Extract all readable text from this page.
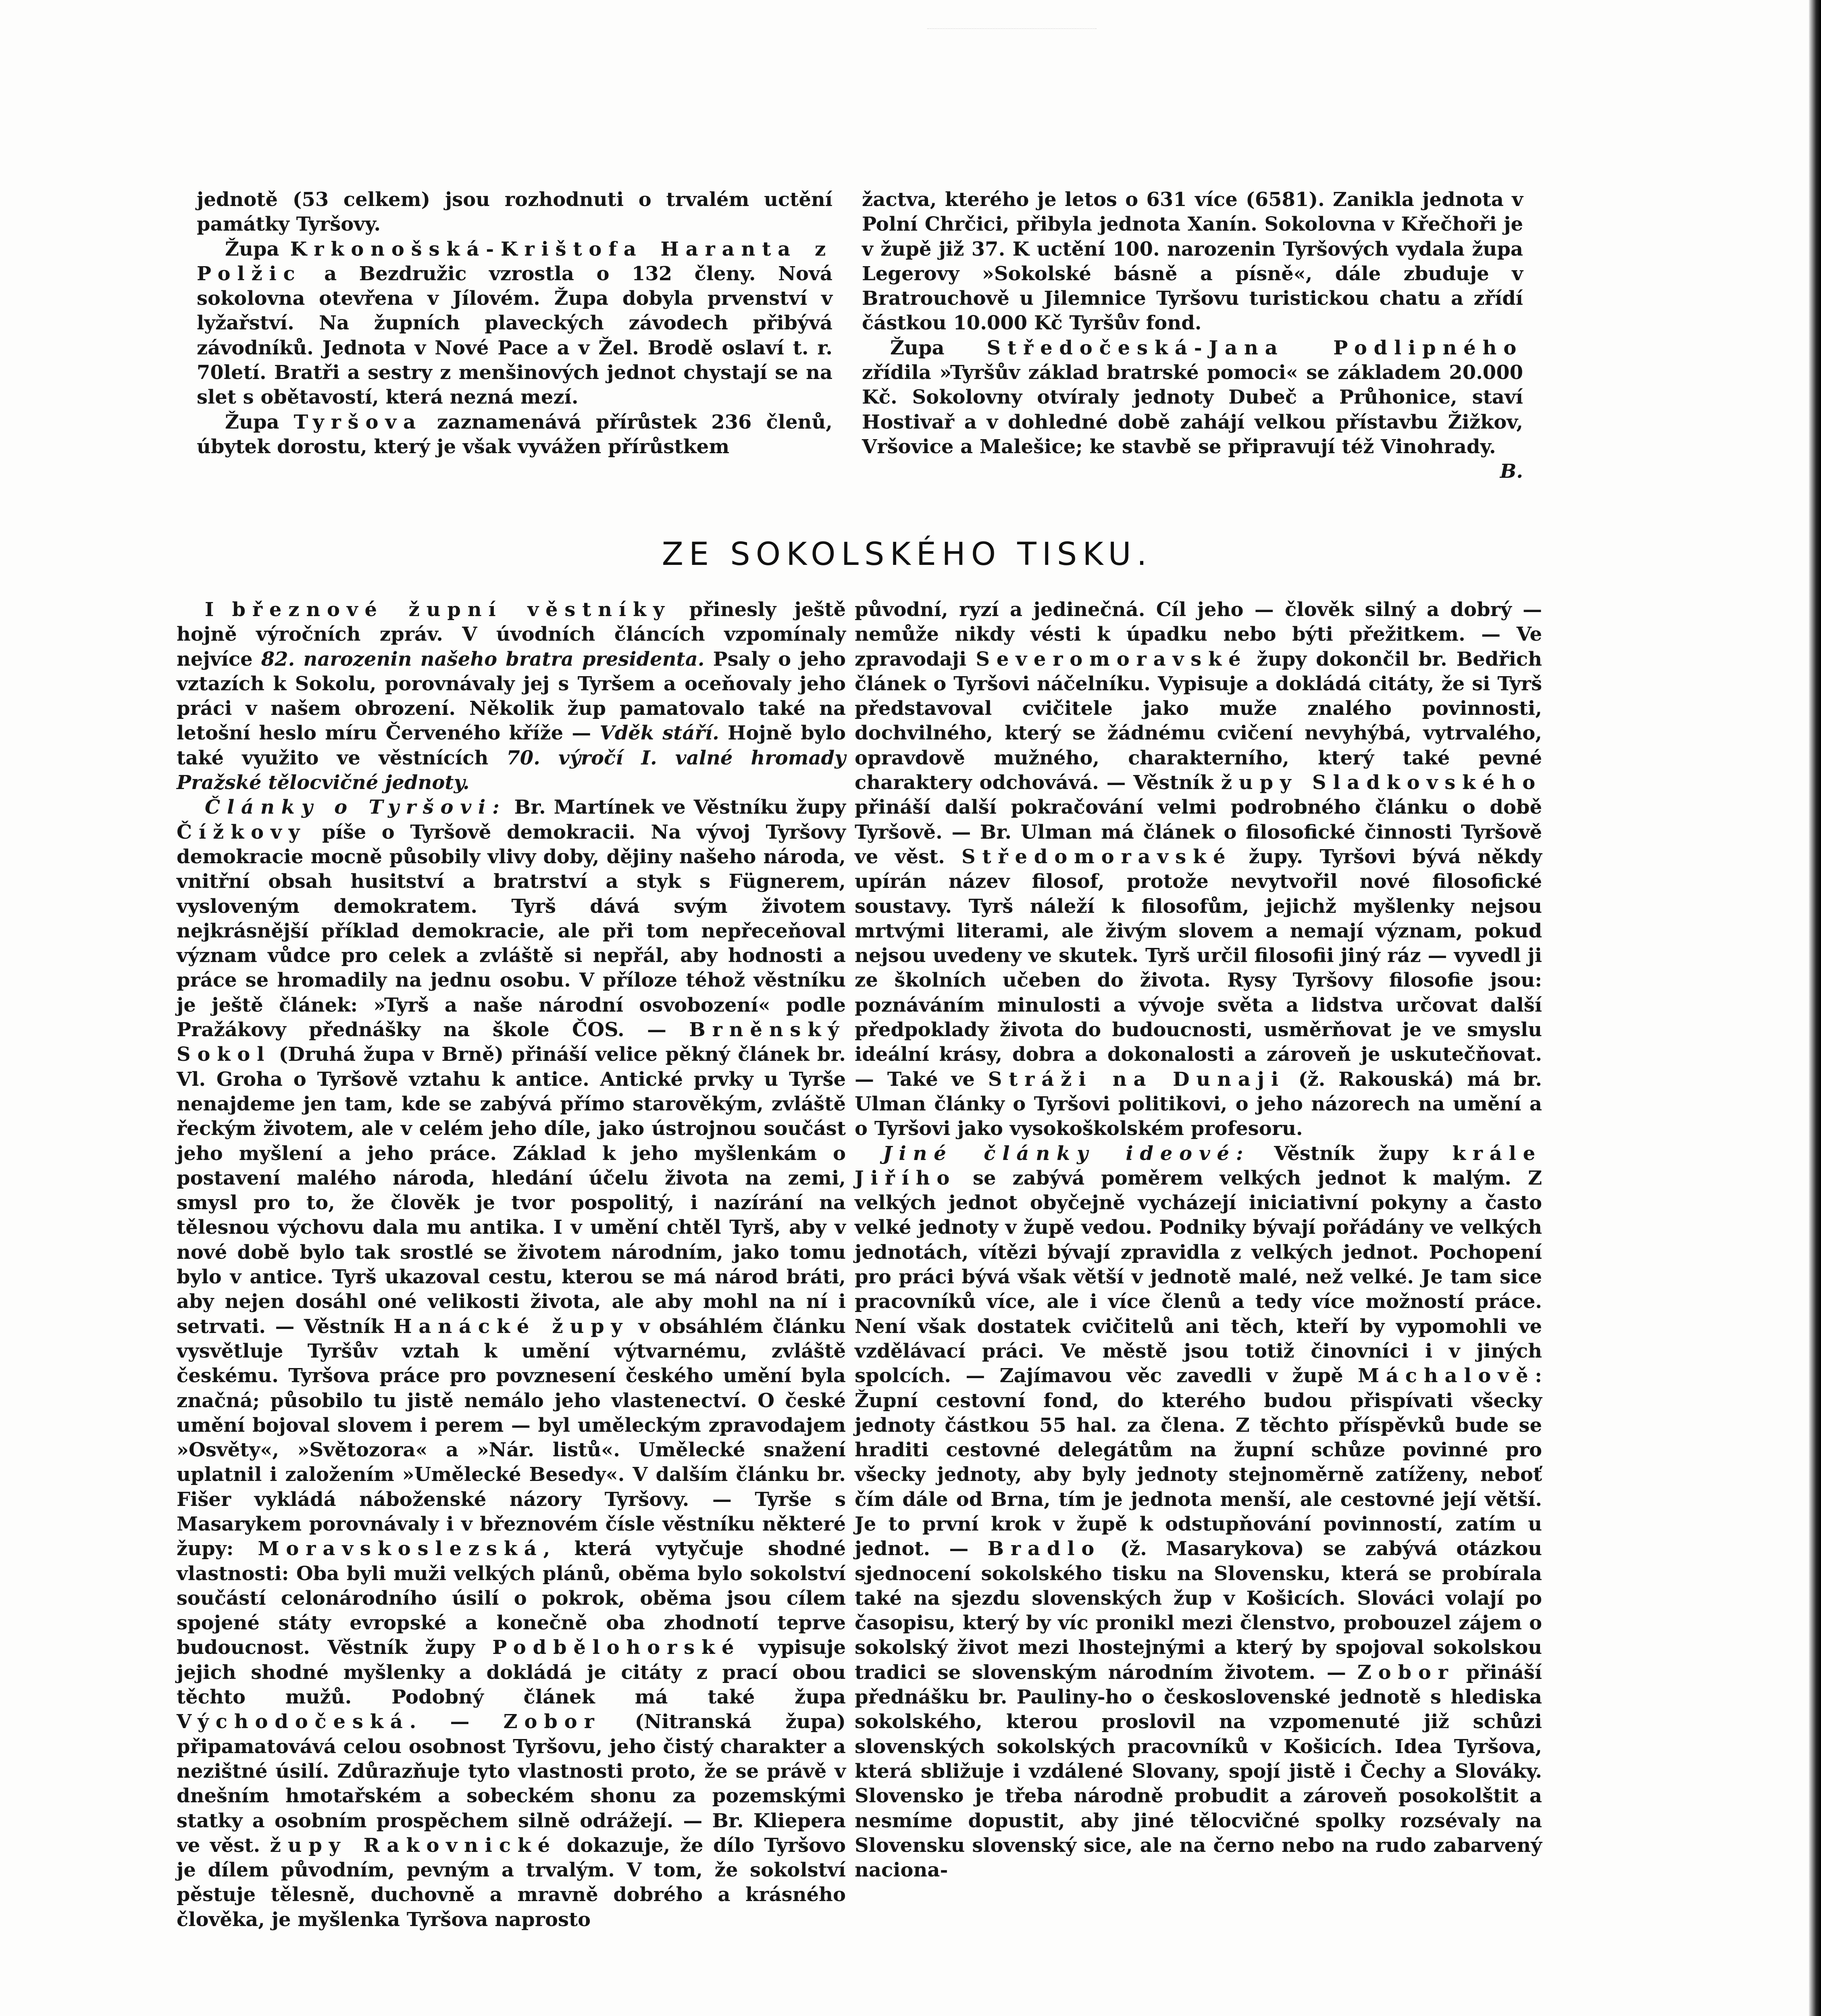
jednotě (53 celkem) jsou rozhodnuti o trvalém uctění památky Tyršovy.

Župa Krkonošská-Krištofa Haranta z Polžic a Bezdružic vzrostla o 132 členy. Nová sokolovna otevřena v Jílovém. Župa dobyla prvenství v lyžařství. Na župních plaveckých závodech přibývá závodníků. Jednota v Nové Pace a v Žel. Brodě oslaví t. r. 70letí. Bratři a sestry z menšinových jednot chystají se na slet s obětavostí, která nezná mezí.

Župa Tyršova zaznamenává přírůstek 236 členů, úbytek dorostu, který je však vyvážen přírůstkem

žactva, kterého je letos o 631 více (6581). Zanikla jednota v Polní Chrčici, přibyla jednota Xanín. Sokolovna v Křečhoři je v župě již 37. K uctění 100. narozenin Tyršových vydala župa Legerovy »Sokolské básně a písně«, dále zbuduje v Bratrouchově u Jilemnice Tyršovu turistickou chatu a zřídí částkou 10.000 Kč Tyršův fond.

Župa Středočeská-Jana Podlipného zřídila »Tyršův základ bratrské pomoci« se základem 20.000 Kč. Sokolovny otvíraly jednoty Dubeč a Průhonice, staví Hostivař a v dohledné době zahájí velkou přístavbu Žižkov, Vršovice a Malešice; ke stavbě se připravují též Vinohrady.
B.

ZE SOKOLSKÉHO TISKU.

I březnové župní věstníky přinesly ještě hojně výročních zpráv. V úvodních článcích vzpomínaly nejvíce 82. narozenin našeho bratra presidenta. Psaly o jeho vztazích k Sokolu, porovnávaly jej s Tyršem a oceňovaly jeho práci v našem obrození. Několik žup pamatovalo také na letošní heslo míru Červeného kříže — Vděk stáří. Hojně bylo také využito ve věstnících 70. výročí I. valné hromady Pražské tělocvičné jednoty.

Články o Tyršovi: Br. Martínek ve Věstníku župy Čížkovy píše o Tyršově demokracii. Na vývoj Tyršovy demokracie mocně působily vlivy doby, dějiny našeho národa, vnitřní obsah husitství a bratrství a styk s Fügnerem, vysloveným demokratem. Tyrš dává svým životem nejkrásnější příklad demokracie, ale při tom nepřeceňoval význam vůdce pro celek a zvláště si nepřál, aby hodnosti a práce se hromadily na jednu osobu. V příloze téhož věstníku je ještě článek: »Tyrš a naše národní osvobození« podle Pražákovy přednášky na škole ČOS. — Brněnský Sokol (Druhá župa v Brně) přináší velice pěkný článek br. Vl. Groha o Tyršově vztahu k antice. Antické prvky u Tyrše nenajdeme jen tam, kde se zabývá přímo starověkým, zvláště řeckým životem, ale v celém jeho díle, jako ústrojnou součást jeho myšlení a jeho práce. Základ k jeho myšlenkám o postavení malého národa, hledání účelu života na zemi, smysl pro to, že člověk je tvor pospolitý, i nazírání na tělesnou výchovu dala mu antika. I v umění chtěl Tyrš, aby v nové době bylo tak srostlé se životem národním, jako tomu bylo v antice. Tyrš ukazoval cestu, kterou se má národ bráti, aby nejen dosáhl oné velikosti života, ale aby mohl na ní i setrvati. — Věstník Hanácké župy v obsáhlém článku vysvětluje Tyršův vztah k umění výtvarnému, zvláště českému. Tyršova práce pro povznesení českého umění byla značná; působilo tu jistě nemálo jeho vlastenectví. O české umění bojoval slovem i perem — byl uměleckým zpravodajem »Osvěty«, »Světozora« a »Nár. listů«. Umělecké snažení uplatnil i založením »Umělecké Besedy«. V dalším článku br. Fišer vykládá náboženské názory Tyršovy. — Tyrše s Masarykem porovnávaly i v březnovém čísle věstníku některé župy: Moravskoslezská, která vytyčuje shodné vlastnosti: Oba byli muži velkých plánů, oběma bylo sokolství součástí celonárodního úsilí o pokrok, oběma jsou cílem spojené státy evropské a konečně oba zhodnotí teprve budoucnost. Věstník župy Podbělohorské vypisuje jejich shodné myšlenky a dokládá je citáty z prací obou těchto mužů. Podobný článek má také župa Východočeská. — Zobor (Nitranská župa) připamatovává celou osobnost Tyršovu, jeho čistý charakter a nezištné úsilí. Zdůrazňuje tyto vlastnosti proto, že se právě v dnešním hmotařském a sobeckém shonu za pozemskými statky a osobním prospěchem silně odrážejí. — Br. Kliepera ve věst. župy Rakovnické dokazuje, že dílo Tyršovo je dílem původním, pevným a trvalým. V tom, že sokolství pěstuje tělesně, duchovně a mravně dobrého a krásného člověka, je myšlenka Tyršova naprosto

původní, ryzí a jedinečná. Cíl jeho — člověk silný a dobrý — nemůže nikdy vésti k úpadku nebo býti přežitkem. — Ve zpravodaji Severomoravské župy dokončil br. Bedřich článek o Tyršovi náčelníku. Vypisuje a dokládá citáty, že si Tyrš představoval cvičitele jako muže znalého povinnosti, dochvilného, který se žádnému cvičení nevyhýbá, vytrvalého, opravdově mužného, charakterního, který také pevné charaktery odchovává. — Věstník župy Sladkovského přináší další pokračování velmi podrobného článku o době Tyršově. — Br. Ulman má článek o filosofické činnosti Tyršově ve věst. Středomoravské župy. Tyršovi bývá někdy upírán název filosof, protože nevytvořil nové filosofické soustavy. Tyrš náleží k filosofům, jejichž myšlenky nejsou mrtvými literami, ale živým slovem a nemají význam, pokud nejsou uvedeny ve skutek. Tyrš určil filosofii jiný ráz — vyvedl ji ze školních učeben do života. Rysy Tyršovy filosofie jsou: poznáváním minulosti a vývoje světa a lidstva určovat další předpoklady života do budoucnosti, usměrňovat je ve smyslu ideální krásy, dobra a dokonalosti a zároveň je uskutečňovat. — Také ve Stráži na Dunaji (ž. Rakouská) má br. Ulman články o Tyršovi politikovi, o jeho názorech na umění a o Tyršovi jako vysokoškolském profesoru.

Jiné články ideové: Věstník župy krále Jiřího se zabývá poměrem velkých jednot k malým. Z velkých jednot obyčejně vycházejí iniciativní pokyny a často velké jednoty v župě vedou. Podniky bývají pořádány ve velkých jednotách, vítězi bývají zpravidla z velkých jednot. Pochopení pro práci bývá však větší v jednotě malé, než velké. Je tam sice pracovníků více, ale i více členů a tedy více možností práce. Není však dostatek cvičitelů ani těch, kteří by vypomohli ve vzdělávací práci. Ve městě jsou totiž činovníci i v jiných spolcích. — Zajímavou věc zavedli v župě Máchalově: Župní cestovní fond, do kterého budou přispívati všecky jednoty částkou 55 hal. za člena. Z těchto příspěvků bude se hraditi cestovné delegátům na župní schůze povinné pro všecky jednoty, aby byly jednoty stejnoměrně zatíženy, neboť čím dále od Brna, tím je jednota menší, ale cestovné její větší. Je to první krok v župě k odstupňování povinností, zatím u jednot. — Bradlo (ž. Masarykova) se zabývá otázkou sjednocení sokolského tisku na Slovensku, která se probírala také na sjezdu slovenských žup v Košicích. Slováci volají po časopisu, který by víc pronikl mezi členstvo, probouzel zájem o sokolský život mezi lhostejnými a který by spojoval sokolskou tradici se slovenským národním životem. — Zobor přináší přednášku br. Pauliny-ho o československé jednotě s hlediska sokolského, kterou proslovil na vzpomenuté již schůzi slovenských sokolských pracovníků v Košicích. Idea Tyršova, která sbližuje i vzdálené Slovany, spojí jistě i Čechy a Slováky. Slovensko je třeba národně probudit a zároveň posokolštit a nesmíme dopustit, aby jiné tělocvičné spolky rozsévaly na Slovensku slovenský sice, ale na černo nebo na rudo zabarvený naciona-
